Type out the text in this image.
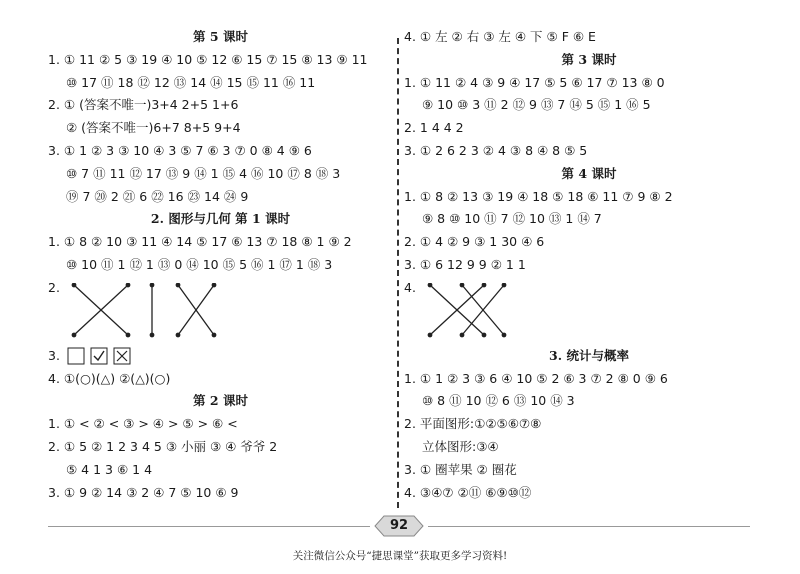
第 5 课时
1. ① 11 ② 5 ③ 19 ④ 10 ⑤ 12 ⑥ 15 ⑦ 15 ⑧ 13 ⑨ 11
⑩ 17 ⑪ 18 ⑫ 12 ⑬ 14 ⑭ 15 ⑮ 11 ⑯ 11
2. ① (答案不唯一)3+4 2+5 1+6
② (答案不唯一)6+7 8+5 9+4
3. ① 1 ② 3 ③ 10 ④ 3 ⑤ 7 ⑥ 3 ⑦ 0 ⑧ 4 ⑨ 6
⑩ 7 ⑪ 11 ⑫ 17 ⑬ 9 ⑭ 1 ⑮ 4 ⑯ 10 ⑰ 8 ⑱ 3
⑲ 7 ⑳ 2 ㉑ 6 ㉒ 16 ㉓ 14 ㉔ 9
2. 图形与几何 第 1 课时
1. ① 8 ② 10 ③ 11 ④ 14 ⑤ 17 ⑥ 13 ⑦ 18 ⑧ 1 ⑨ 2
⑩ 10 ⑪ 1 ⑫ 1 ⑬ 0 ⑭ 10 ⑮ 5 ⑯ 1 ⑰ 1 ⑱ 3
2.
3.
4. ①(○)(△) ②(△)(○)
第 2 课时
1. ① < ② < ③ > ④ > ⑤ > ⑥ <
2. ① 5 ② 1 2 3 4 5 ③ 小丽 ③ ④ 爷爷 2
⑤ 4 1 3 ⑥ 1 4
3. ① 9 ② 14 ③ 2 ④ 7 ⑤ 10 ⑥ 9
4. ① 左 ② 右 ③ 左 ④ 下 ⑤ F ⑥ E
第 3 课时
1. ① 11 ② 4 ③ 9 ④ 17 ⑤ 5 ⑥ 17 ⑦ 13 ⑧ 0
⑨ 10 ⑩ 3 ⑪ 2 ⑫ 9 ⑬ 7 ⑭ 5 ⑮ 1 ⑯ 5
2. 1 4 4 2
3. ① 2 6 2 3 ② 4 ③ 8 ④ 8 ⑤ 5
第 4 课时
1. ① 8 ② 13 ③ 19 ④ 18 ⑤ 18 ⑥ 11 ⑦ 9 ⑧ 2
⑨ 8 ⑩ 10 ⑪ 7 ⑫ 10 ⑬ 1 ⑭ 7
2. ① 4 ② 9 ③ 1 30 ④ 6
3. ① 6 12 9 9 ② 1 1
4.
3. 统计与概率
1. ① 1 ② 3 ③ 6 ④ 10 ⑤ 2 ⑥ 3 ⑦ 2 ⑧ 0 ⑨ 6
⑩ 8 ⑪ 10 ⑫ 6 ⑬ 10 ⑭ 3
2. 平面图形:①②⑤⑥⑦⑧
立体图形:③④
3. ① 圈苹果 ② 圈花
4. ③④⑦ ②⑪ ⑥⑨⑩⑫
92
关注微信公众号“捷思课堂”获取更多学习资料!
